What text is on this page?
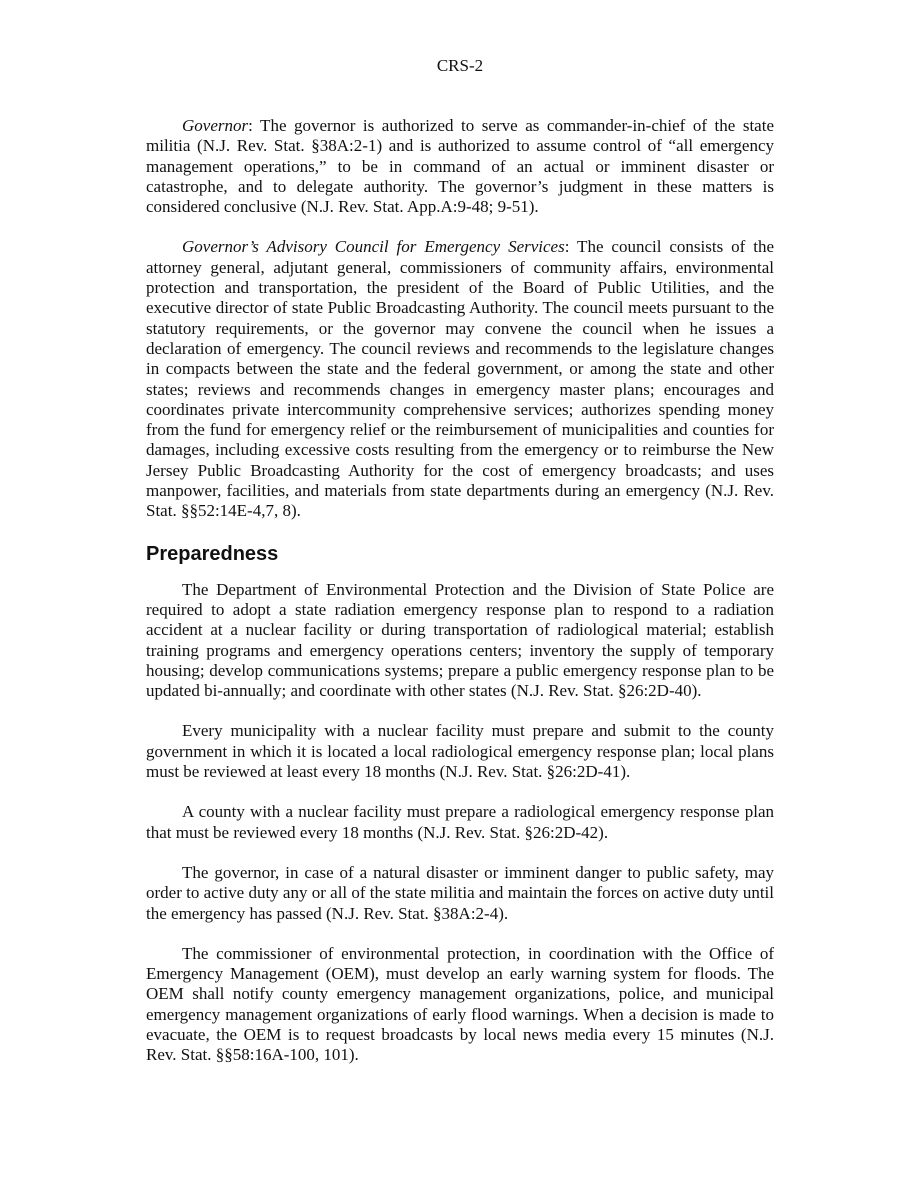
CRS-2

Governor: The governor is authorized to serve as commander-in-chief of the state militia (N.J. Rev. Stat. §38A:2-1) and is authorized to assume control of “all emergency management operations,” to be in command of an actual or imminent disaster or catastrophe, and to delegate authority. The governor’s judgment in these matters is considered conclusive (N.J. Rev. Stat. App.A:9-48; 9-51).

Governor’s Advisory Council for Emergency Services: The council consists of the attorney general, adjutant general, commissioners of community affairs, environmental protection and transportation, the president of the Board of Public Utilities, and the executive director of state Public Broadcasting Authority. The council meets pursuant to the statutory requirements, or the governor may convene the council when he issues a declaration of emergency. The council reviews and recommends to the legislature changes in compacts between the state and the federal government, or among the state and other states; reviews and recommends changes in emergency master plans; encourages and coordinates private intercommunity comprehensive services; authorizes spending money from the fund for emergency relief or the reimbursement of municipalities and counties for damages, including excessive costs resulting from the emergency or to reimburse the New Jersey Public Broadcasting Authority for the cost of emergency broadcasts; and uses manpower, facilities, and materials from state departments during an emergency (N.J. Rev. Stat. §§52:14E-4,7, 8).

Preparedness

The Department of Environmental Protection and the Division of State Police are required to adopt a state radiation emergency response plan to respond to a radiation accident at a nuclear facility or during transportation of radiological material; establish training programs and emergency operations centers; inventory the supply of temporary housing; develop communications systems; prepare a public emergency response plan to be updated bi-annually; and coordinate with other states (N.J. Rev. Stat. §26:2D-40).

Every municipality with a nuclear facility must prepare and submit to the county government in which it is located a local radiological emergency response plan; local plans must be reviewed at least every 18 months (N.J. Rev. Stat. §26:2D-41).

A county with a nuclear facility must prepare a radiological emergency response plan that must be reviewed every 18 months (N.J. Rev. Stat. §26:2D-42).

The governor, in case of a natural disaster or imminent danger to public safety, may order to active duty any or all of the state militia and maintain the forces on active duty until the emergency has passed (N.J. Rev. Stat. §38A:2-4).

The commissioner of environmental protection, in coordination with the Office of Emergency Management (OEM), must develop an early warning system for floods. The OEM shall notify county emergency management organizations, police, and municipal emergency management organizations of early flood warnings. When a decision is made to evacuate, the OEM is to request broadcasts by local news media every 15 minutes (N.J. Rev. Stat. §§58:16A-100, 101).
